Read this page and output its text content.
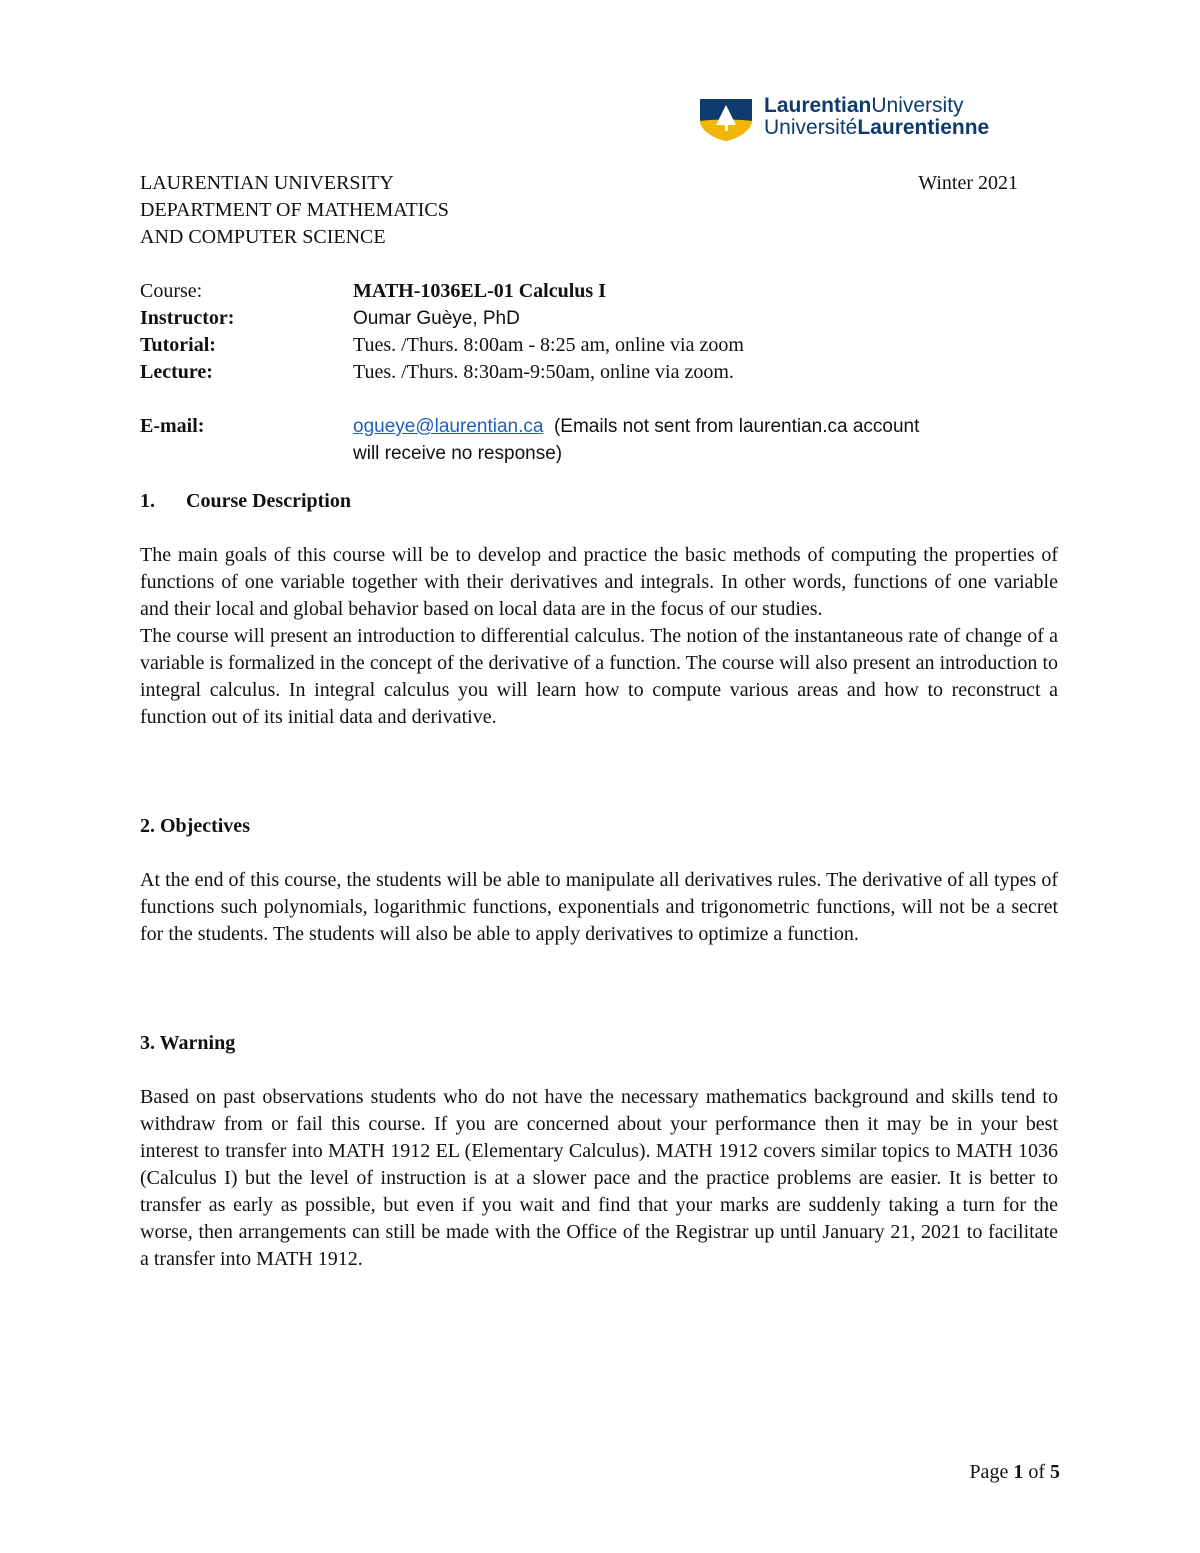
LaurentianUniversity
UniversitéLaurentienne
LAURENTIAN UNIVERSITY
DEPARTMENT OF MATHEMATICS
AND COMPUTER SCIENCE
Winter 2021
Course:	MATH-1036EL-01 Calculus I
Instructor:	Oumar Guèye, PhD
Tutorial:	Tues. /Thurs. 8:00am - 8:25 am, online via zoom
Lecture:	Tues. /Thurs. 8:30am-9:50am, online via zoom.
E-mail:	ogueye@laurentian.ca  (Emails not sent from laurentian.ca account
will receive no response)
1. Course Description

The main goals of this course will be to develop and practice the basic methods of computing the properties of functions of one variable together with their derivatives and integrals. In other words, functions of one variable and their local and global behavior based on local data are in the focus of our studies.

The course will present an introduction to differential calculus. The notion of the instantaneous rate of change of a variable is formalized in the concept of the derivative of a function. The course will also present an introduction to integral calculus. In integral calculus you will learn how to compute various areas and how to reconstruct a function out of its initial data and derivative.

2. Objectives

At the end of this course, the students will be able to manipulate all derivatives rules. The derivative of all types of functions such polynomials, logarithmic functions, exponentials and trigonometric functions, will not be a secret for the students. The students will also be able to apply derivatives to optimize a function.

3. Warning

Based on past observations students who do not have the necessary mathematics background and skills tend to withdraw from or fail this course. If you are concerned about your performance then it may be in your best interest to transfer into MATH 1912 EL (Elementary Calculus). MATH 1912 covers similar topics to MATH 1036 (Calculus I) but the level of instruction is at a slower pace and the practice problems are easier. It is better to transfer as early as possible, but even if you wait and find that your marks are suddenly taking a turn for the worse, then arrangements can still be made with the Office of the Registrar up until January 21, 2021 to facilitate a transfer into MATH 1912.

Page 1 of 5
